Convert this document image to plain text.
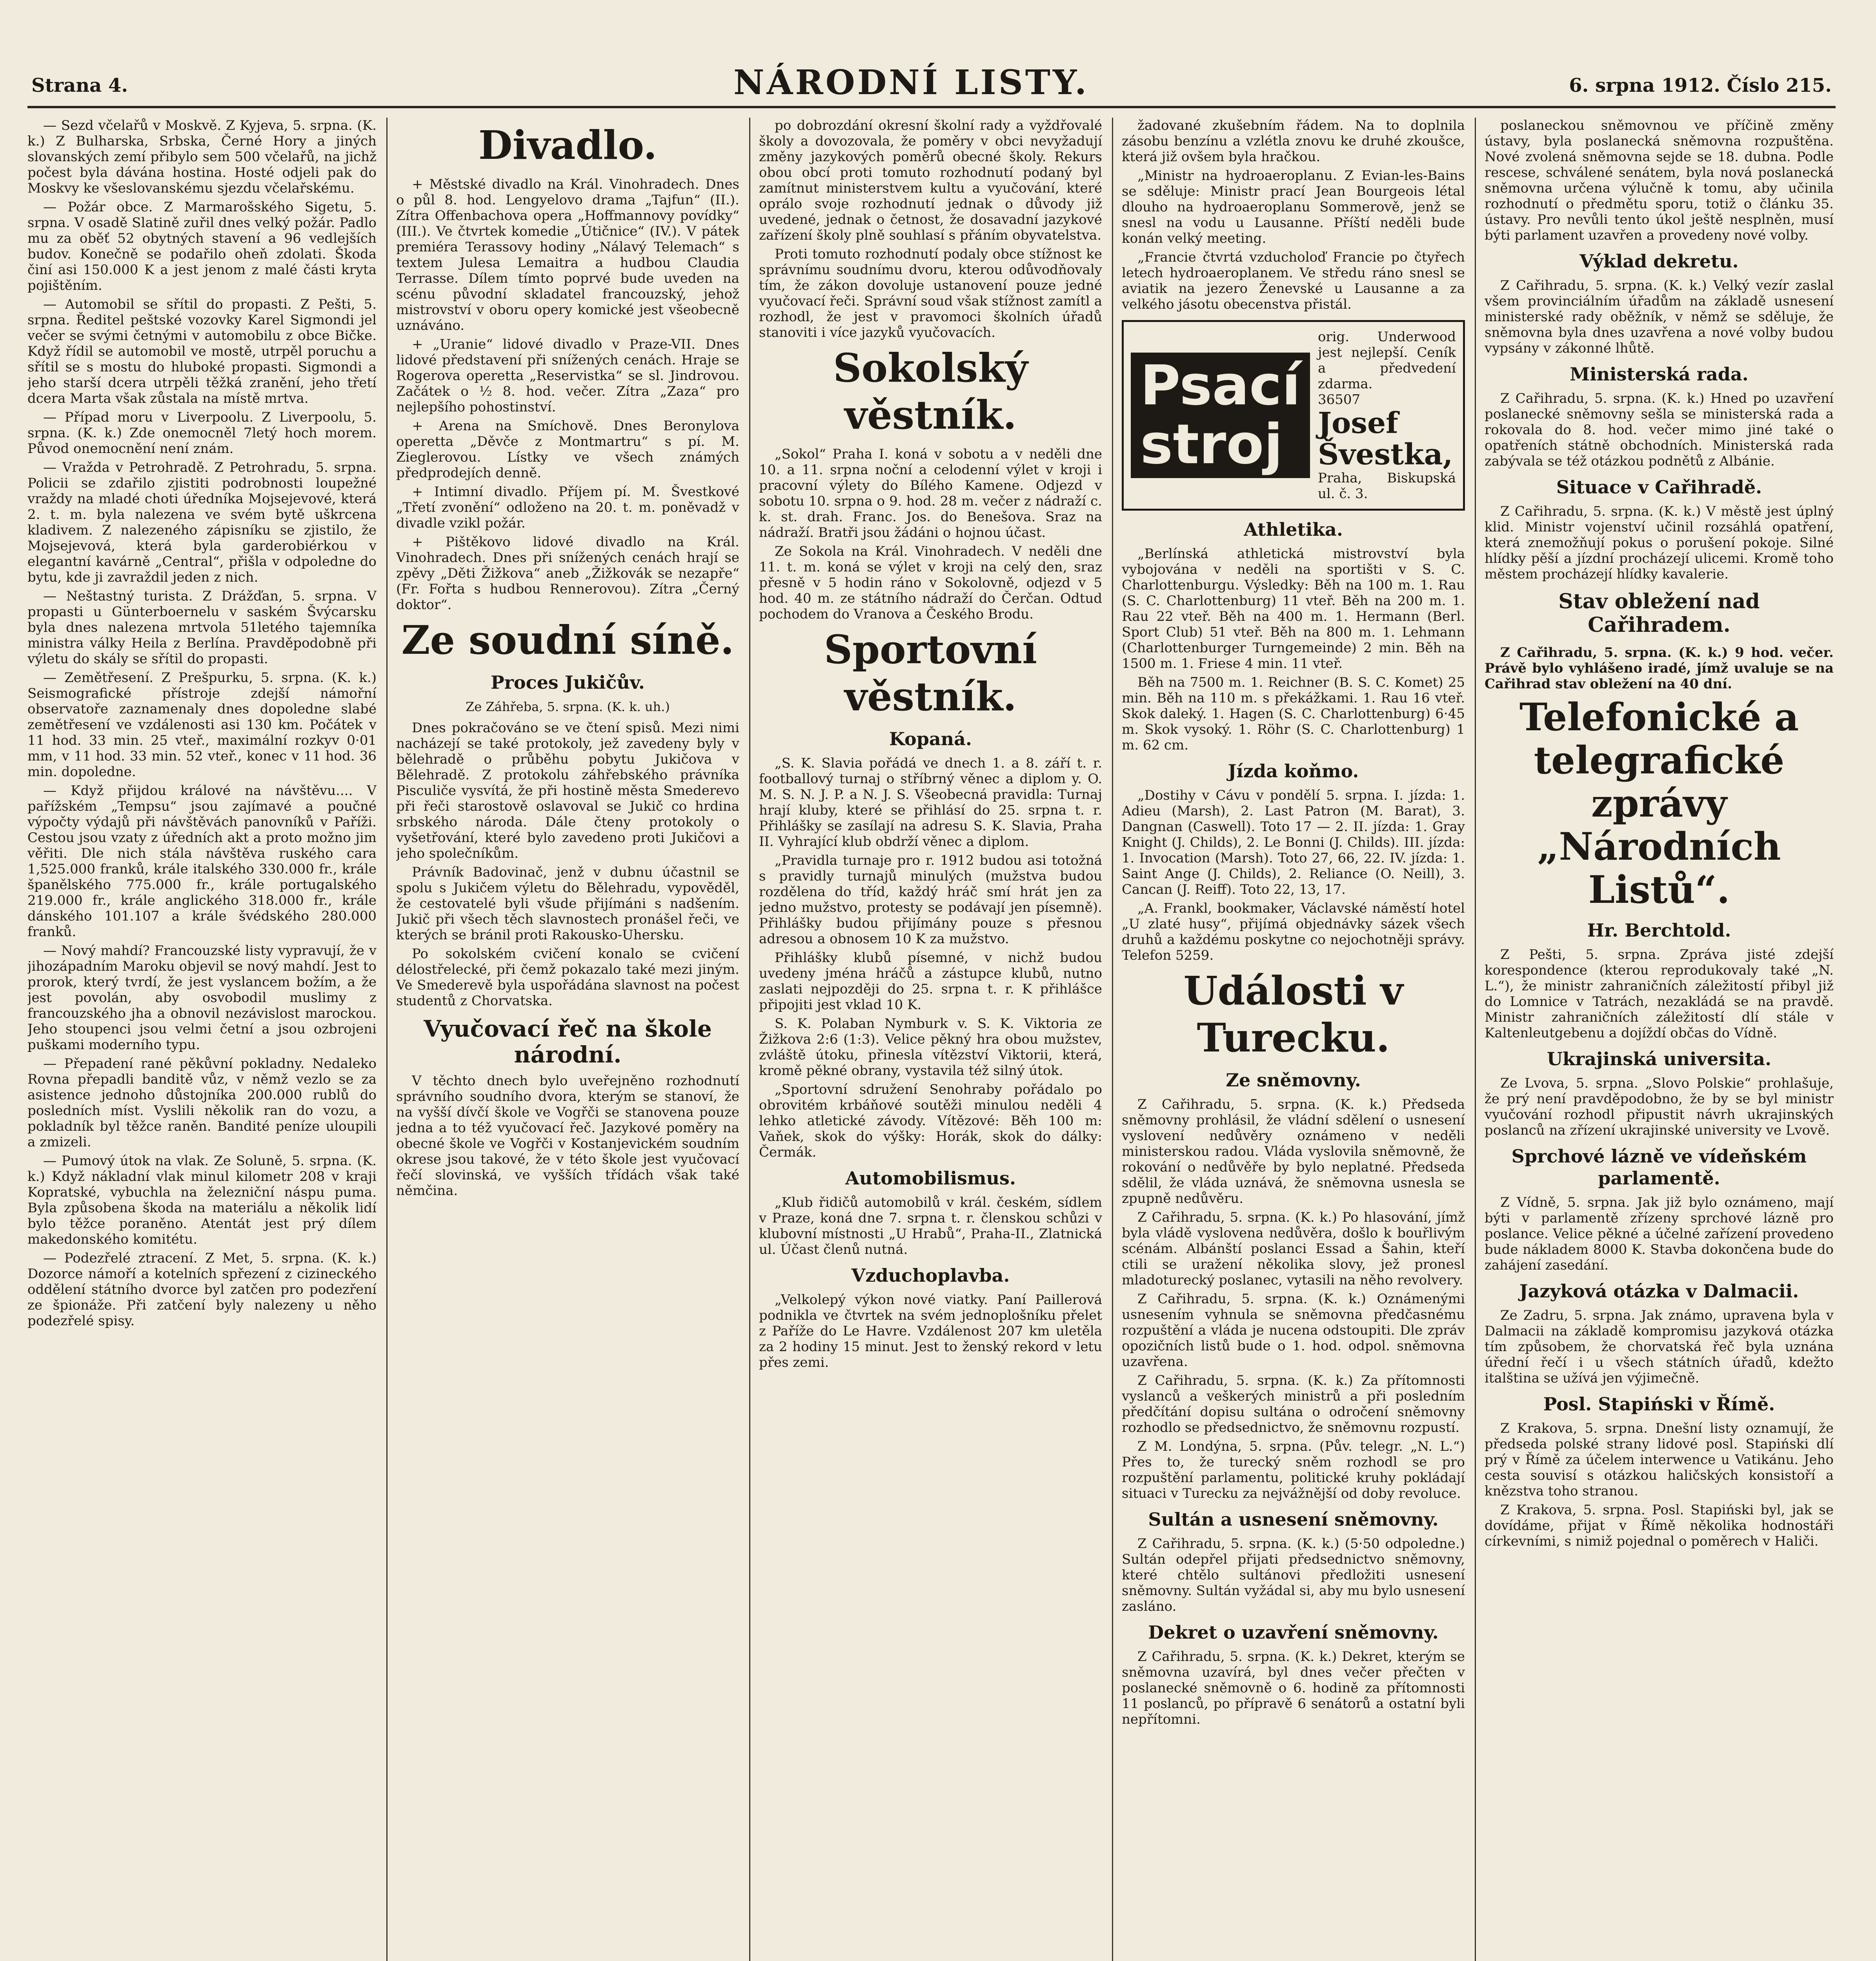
Strana 4.	NÁRODNÍ LISTY.	6. srpna 1912. Číslo 215.

— Sezd včelařů v Moskvě. Z Kyjeva, 5. srpna. (K. k.) Z Bulharska, Srbska, Černé Hory a jiných slovanských zemí přibylo sem 500 včelařů, na jichž počest byla dávána hostina. Hosté odjeli pak do Moskvy ke všeslovanskému sjezdu včelařskému.

— Požár obce. Z Marmarošského Sigetu, 5. srpna. V osadě Slatině zuřil dnes velký požár. Padlo mu za oběť 52 obytných stavení a 96 vedlejších budov. Konečně se podařilo oheň zdolati. Škoda činí asi 150.000 K a jest jenom z malé části kryta pojištěním.

— Automobil se sřítil do propasti. Z Pešti, 5. srpna. Ředitel peštské vozovky Karel Sigmondi jel večer se svými četnými v automobilu z obce Bičke. Když řídil se automobil ve mostě, utrpěl poruchu a sřítil se s mostu do hluboké propasti. Sigmondi a jeho starší dcera utrpěli těžká zranění, jeho třetí dcera Marta však zůstala na místě mrtva.

— Případ moru v Liverpoolu. Z Liverpoolu, 5. srpna. (K. k.) Zde onemocněl 7letý hoch morem. Původ onemocnění není znám.

— Vražda v Petrohradě. Z Petrohradu, 5. srpna. Policii se zdařilo zjistiti podrobnosti loupežné vraždy na mladé choti úředníka Mojsejevové, která 2. t. m. byla nalezena ve svém bytě uškrcena kladivem. Z nalezeného zápisníku se zjistilo, že Mojsejevová, která byla garderobiérkou v elegantní kavárně „Central“, přišla v odpoledne do bytu, kde ji zavraždil jeden z nich.

— Neštastný turista. Z Drážďan, 5. srpna. V propasti u Günterboernelu v saském Švýcarsku byla dnes nalezena mrtvola 51letého tajemníka ministra války Heila z Berlína. Pravděpodobně při výletu do skály se sřítil do propasti.

— Zemětřesení. Z Prešpurku, 5. srpna. (K. k.) Seismografické přístroje zdejší námořní observatoře zaznamenaly dnes dopoledne slabé zemětřesení ve vzdálenosti asi 130 km. Počátek v 11 hod. 33 min. 25 vteř., maximální rozkyv 0·01 mm, v 11 hod. 33 min. 52 vteř., konec v 11 hod. 36 min. dopoledne.

— Když přijdou králové na návštěvu.... V pařížském „Tempsu“ jsou zajímavé a poučné výpočty výdajů při návštěvách panovníků v Paříži. Cestou jsou vzaty z úředních akt a proto možno jim věřiti. Dle nich stála návštěva ruského cara 1,525.000 franků, krále italského 330.000 fr., krále španělského 775.000 fr., krále portugalského 219.000 fr., krále anglického 318.000 fr., krále dánského 101.107 a krále švédského 280.000 franků.

— Nový mahdí? Francouzské listy vypravují, že v jihozápadním Maroku objevil se nový mahdí. Jest to prorok, který tvrdí, že jest vyslancem božím, a že jest povolán, aby osvobodil muslimy z francouzského jha a obnovil nezávislost marockou. Jeho stoupenci jsou velmi četní a jsou ozbrojeni puškami moderního typu.

— Přepadení rané pěkůvní pokladny. Nedaleko Rovna přepadli banditě vůz, v němž vezlo se za asistence jednoho důstojníka 200.000 rublů do posledních míst. Vyslili několik ran do vozu, a pokladník byl těžce raněn. Bandité peníze uloupili a zmizeli.

— Pumový útok na vlak. Ze Soluně, 5. srpna. (K. k.) Když nákladní vlak minul kilometr 208 v kraji Kopratské, vybuchla na železniční náspu puma. Byla způsobena škoda na materiálu a několik lidí bylo těžce poraněno. Atentát jest prý dílem makedonského komitétu.

— Podezřelé ztracení. Z Met, 5. srpna. (K. k.) Dozorce námoří a kotelních spřezení z cizineckého oddělení státního dvorce byl zatčen pro podezření ze špionáže. Při zatčení byly nalezeny u něho podezřelé spisy.

Divadlo.

+ Městské divadlo na Král. Vinohradech. Dnes o půl 8. hod. Lengyelovo drama „Tajfun“ (II.). Zítra Offenbachova opera „Hoffmannovy povídky“ (III.). Ve čtvrtek komedie „Útičnice“ (IV.). V pátek premiéra Terassovy hodiny „Nálavý Telemach“ s textem Julesa Lemaitra a hudbou Claudia Terrasse. Dílem tímto poprvé bude uveden na scénu původní skladatel francouzský, jehož mistrovství v oboru opery komické jest všeobecně uznáváno.

+ „Uranie“ lidové divadlo v Praze-VII. Dnes lidové představení při snížených cenách. Hraje se Rogerova operetta „Reservistka“ se sl. Jindrovou. Začátek o ½ 8. hod. večer. Zítra „Zaza“ pro nejlepšího pohostinství.

+ Arena na Smíchově. Dnes Beronylova operetta „Děvče z Montmartru“ s pí. M. Zieglerovou. Lístky ve všech známých předprodejích denně.

+ Intimní divadlo. Příjem pí. M. Švestkové „Třetí zvonění“ odloženo na 20. t. m. poněvadž v divadle vzikl požár.

+ Pištěkovo lidové divadlo na Král. Vinohradech. Dnes při snížených cenách hrají se zpěvy „Děti Žižkova“ aneb „Žižkovák se nezapře“ (Fr. Fořta s hudbou Rennerovou). Zítra „Černý doktor“.

Ze soudní síně.
Proces Jukičův.
Ze Záhřeba, 5. srpna. (K. k. uh.)

Dnes pokračováno se ve čtení spisů. Mezi nimi nacházejí se také protokoly, jež zavedeny byly v bělehradě o průběhu pobytu Jukičova v Bělehradě. Z protokolu záhřebského právníka Pisculiče vysvítá, že při hostině města Smederevo při řeči starostově oslavoval se Jukič co hrdina srbského národa. Dále čteny protokoly o vyšetřování, které bylo zavedeno proti Jukičovi a jeho společníkům.

Právník Badovinač, jenž v dubnu účastnil se spolu s Jukičem výletu do Bělehradu, vypověděl, že cestovatelé byli všude přijímáni s nadšením. Jukič při všech těch slavnostech pronášel řeči, ve kterých se bránil proti Rakousko-Uhersku.

Po sokolském cvičení konalo se cvičení délostřelecké, při čemž pokazalo také mezi jiným. Ve Smederevě byla uspořádána slavnost na počest studentů z Chorvatska.

Vyučovací řeč na škole národní.

V těchto dnech bylo uveřejněno rozhodnutí správního soudního dvora, kterým se stanoví, že na vyšší dívčí škole ve Vogřči se stanovena pouze jedna a to též vyučovací řeč. Jazykové poměry na obecné škole ve Vogřči v Kostanjevickém soudním okrese jsou takové, že v této škole jest vyučovací řečí slovinská, ve vyšších třídách však také němčina.

po dobrozdání okresní školní rady a vyždřovalé školy a dovozovala, že poměry v obci nevyžadují změny jazykových poměrů obecné školy. Rekurs obou obcí proti tomuto rozhodnutí podaný byl zamítnut ministerstvem kultu a vyučování, které oprálo svoje rozhodnutí jednak o důvody již uvedené, jednak o četnost, že dosavadní jazykové zařízení školy plně souhlasí s přáním obyvatelstva.

Proti tomuto rozhodnutí podaly obce stížnost ke správnímu soudnímu dvoru, kterou odůvodňovaly tím, že zákon dovoluje ustanovení pouze jedné vyučovací řeči. Správní soud však stížnost zamítl a rozhodl, že jest v pravomoci školních úřadů stanoviti i více jazyků vyučovacích.

Sokolský věstník.

„Sokol“ Praha I. koná v sobotu a v neděli dne 10. a 11. srpna noční a celodenní výlet v kroji i pracovní výlety do Bílého Kamene. Odjezd v sobotu 10. srpna o 9. hod. 28 m. večer z nádraží c. k. st. drah. Franc. Jos. do Benešova. Sraz na nádraží. Bratři jsou žádáni o hojnou účast.

Ze Sokola na Král. Vinohradech. V neděli dne 11. t. m. koná se výlet v kroji na celý den, sraz přesně v 5 hodin ráno v Sokolovně, odjezd v 5 hod. 40 m. ze státního nádraží do Čerčan. Odtud pochodem do Vranova a Českého Brodu.

Sportovní věstník.
Kopaná.

„S. K. Slavia pořádá ve dnech 1. a 8. září t. r. footballový turnaj o stříbrný věnec a diplom y. O. M. S. N. J. P. a N. J. S. Všeobecná pravidla: Turnaj hrají kluby, které se přihlásí do 25. srpna t. r. Přihlášky se zasílají na adresu S. K. Slavia, Praha II. Vyhrající klub obdrží věnec a diplom.

„Pravidla turnaje pro r. 1912 budou asi totožná s pravidly turnajů minulých (mužstva budou rozdělena do tříd, každý hráč smí hrát jen za jedno mužstvo, protesty se podávají jen písemně). Přihlášky budou přijímány pouze s přesnou adresou a obnosem 10 K za mužstvo.

Přihlášky klubů písemné, v nichž budou uvedeny jména hráčů a zástupce klubů, nutno zaslati nejpozději do 25. srpna t. r. K přihlášce připojiti jest vklad 10 K.

S. K. Polaban Nymburk v. S. K. Viktoria ze Žižkova 2:6 (1:3). Velice pěkný hra obou mužstev, zvláště útoku, přinesla vítězství Viktorii, která, kromě pěkné obrany, vystavila též silný útok.

„Sportovní sdružení Senohraby pořádalo po obrovitém krbáňové soutěži minulou neděli 4 lehko atletické závody. Vítězové: Běh 100 m: Vaňek, skok do výšky: Horák, skok do dálky: Čermák.

Automobilismus.

„Klub řidičů automobilů v král. českém, sídlem v Praze, koná dne 7. srpna t. r. členskou schůzi v klubovní místnosti „U Hrabů“, Praha-II., Zlatnická ul. Účast členů nutná.

Vzduchoplavba.

„Velkolepý výkon nové viatky. Paní Paillerová podnikla ve čtvrtek na svém jednoplošníku přelet z Paříže do Le Havre. Vzdálenost 207 km uletěla za 2 hodiny 15 minut. Jest to ženský rekord v letu přes zemi.

žadované zkušebním řádem. Na to doplnila zásobu benzínu a vzlétla znovu ke druhé zkoušce, která již ovšem byla hračkou.

„Ministr na hydroaeroplanu. Z Evian-les-Bains se sděluje: Ministr prací Jean Bourgeois létal dlouho na hydroaeroplanu Sommerově, jenž se snesl na vodu u Lausanne. Příští neděli bude konán velký meeting.

„Francie čtvrtá vzducholoď Francie po čtyřech letech hydroaeroplanem. Ve středu ráno snesl se aviatik na jezero Ženevské u Lausanne a za velkého jásotu obecenstva přistál.

Psací stroj
orig. Underwood jest nejlepší. Ceník a předvedení zdarma.
36507
Josef Švestka,
Praha, Biskupská ul. č. 3.
Athletika.

„Berlínská athletická mistrovství byla vybojována v neděli na sportišti v S. C. Charlottenburgu. Výsledky: Běh na 100 m. 1. Rau (S. C. Charlottenburg) 11 vteř. Běh na 200 m. 1. Rau 22 vteř. Běh na 400 m. 1. Hermann (Berl. Sport Club) 51 vteř. Běh na 800 m. 1. Lehmann (Charlottenburger Turngemeinde) 2 min. Běh na 1500 m. 1. Friese 4 min. 11 vteř.

Běh na 7500 m. 1. Reichner (B. S. C. Komet) 25 min. Běh na 110 m. s překážkami. 1. Rau 16 vteř. Skok daleký. 1. Hagen (S. C. Charlottenburg) 6·45 m. Skok vysoký. 1. Röhr (S. C. Charlottenburg) 1 m. 62 cm.

Jízda koňmo.

„Dostihy v Cávu v pondělí 5. srpna. I. jízda: 1. Adieu (Marsh), 2. Last Patron (M. Barat), 3. Dangnan (Caswell). Toto 17 — 2. II. jízda: 1. Gray Knight (J. Childs), 2. Le Bonni (J. Childs). III. jízda: 1. Invocation (Marsh). Toto 27, 66, 22. IV. jízda: 1. Saint Ange (J. Childs), 2. Reliance (O. Neill), 3. Cancan (J. Reiff). Toto 22, 13, 17.

„A. Frankl, bookmaker, Václavské náměstí hotel „U zlaté husy“, přijímá objednávky sázek všech druhů a každému poskytne co nejochotněji správy. Telefon 5259.

Události v Turecku.
Ze sněmovny.

Z Cařihradu, 5. srpna. (K. k.) Předseda sněmovny prohlásil, že vládní sdělení o usnesení vyslovení nedůvěry oznámeno v neděli ministerskou radou. Vláda vyslovila sněmovně, že rokování o nedůvěře by bylo neplatné. Předseda sdělil, že vláda uznává, že sněmovna usnesla se zpupně nedůvěru.

Z Cařihradu, 5. srpna. (K. k.) Po hlasování, jímž byla vládě vyslovena nedůvěra, došlo k bouřlivým scénám. Albánští poslanci Essad a Šahin, kteří ctili se uražení několika slovy, jež pronesl mladoturecký poslanec, vytasili na něho revolvery.

Z Cařihradu, 5. srpna. (K. k.) Oznámenými usnesením vyhnula se sněmovna předčasnému rozpuštění a vláda je nucena odstoupiti. Dle zpráv opozičních listů bude o 1. hod. odpol. sněmovna uzavřena.

Z Cařihradu, 5. srpna. (K. k.) Za přítomnosti vyslanců a veškerých ministrů a při posledním předčítání dopisu sultána o odročení sněmovny rozhodlo se předsednictvo, že sněmovnu rozpustí.

Z M. Londýna, 5. srpna. (Pův. telegr. „N. L.“) Přes to, že turecký sněm rozhodl se pro rozpuštění parlamentu, politické kruhy pokládají situaci v Turecku za nejvážnější od doby revoluce.

Sultán a usnesení sněmovny.

Z Cařihradu, 5. srpna. (K. k.) (5·50 odpoledne.) Sultán odepřel přijati předsednictvo sněmovny, které chtělo sultánovi předložiti usnesení sněmovny. Sultán vyžádal si, aby mu bylo usnesení zasláno.

Dekret o uzavření sněmovny.

Z Cařihradu, 5. srpna. (K. k.) Dekret, kterým se sněmovna uzavírá, byl dnes večer přečten v poslanecké sněmovně o 6. hodině za přítomnosti 11 poslanců, po přípravě 6 senátorů a ostatní byli nepřítomni.

poslaneckou sněmovnou ve příčině změny ústavy, byla poslanecká sněmovna rozpuštěna. Nové zvolená sněmovna sejde se 18. dubna. Podle rescese, schválené senátem, byla nová poslanecká sněmovna určena výlučně k tomu, aby učinila rozhodnutí o předmětu sporu, totiž o článku 35. ústavy. Pro nevůli tento úkol ještě nesplněn, musí býti parlament uzavřen a provedeny nové volby.

Výklad dekretu.

Z Cařihradu, 5. srpna. (K. k.) Velký vezír zaslal všem provinciálním úřadům na základě usnesení ministerské rady oběžník, v němž se sděluje, že sněmovna byla dnes uzavřena a nové volby budou vypsány v zákonné lhůtě.

Ministerská rada.

Z Cařihradu, 5. srpna. (K. k.) Hned po uzavření poslanecké sněmovny sešla se ministerská rada a rokovala do 8. hod. večer mimo jiné také o opatřeních státně obchodních. Ministerská rada zabývala se též otázkou podnětů z Albánie.

Situace v Cařihradě.

Z Cařihradu, 5. srpna. (K. k.) V městě jest úplný klid. Ministr vojenství učinil rozsáhlá opatření, která znemožňují pokus o porušení pokoje. Silné hlídky pěší a jízdní procházejí ulicemi. Kromě toho městem procházejí hlídky kavalerie.

Stav obležení nad Cařihradem.

Z Cařihradu, 5. srpna. (K. k.) 9 hod. večer. Právě bylo vyhlášeno iradé, jímž uvaluje se na Cařihrad stav obležení na 40 dní.

Telefonické a telegrafické zprávy „Národních Listů“.
Hr. Berchtold.

Z Pešti, 5. srpna. Zpráva jisté zdejší korespondence (kterou reprodukovaly také „N. L.“), že ministr zahraničních záležitostí přibyl již do Lomnice v Tatrách, nezakládá se na pravdě. Ministr zahraničních záležitostí dlí stále v Kaltenleutgebenu a dojíždí občas do Vídně.

Ukrajinská universita.

Ze Lvova, 5. srpna. „Slovo Polskie“ prohlašuje, že prý není pravděpodobno, že by se byl ministr vyučování rozhodl připustit návrh ukrajinských poslanců na zřízení ukrajinské university ve Lvově.

Sprchové lázně ve vídeňském parlamentě.

Z Vídně, 5. srpna. Jak již bylo oznámeno, mají býti v parlamentě zřízeny sprchové lázně pro poslance. Velice pěkné a účelné zařízení provedeno bude nákladem 8000 K. Stavba dokončena bude do zahájení zasedání.

Jazyková otázka v Dalmacii.

Ze Zadru, 5. srpna. Jak známo, upravena byla v Dalmacii na základě kompromisu jazyková otázka tím způsobem, že chorvatská řeč byla uznána úřední řečí i u všech státních úřadů, kdežto italština se užívá jen výjimečně.

Posl. Stapiński v Římě.

Z Krakova, 5. srpna. Dnešní listy oznamují, že předseda polské strany lidové posl. Stapiński dlí prý v Římě za účelem interwence u Vatikánu. Jeho cesta souvisí s otázkou haličských konsistoří a knězstva toho stranou.

Z Krakova, 5. srpna. Posl. Stapiński byl, jak se dovídáme, přijat v Římě několika hodnostáři církevními, s nimiž pojednal o poměrech v Haliči.
